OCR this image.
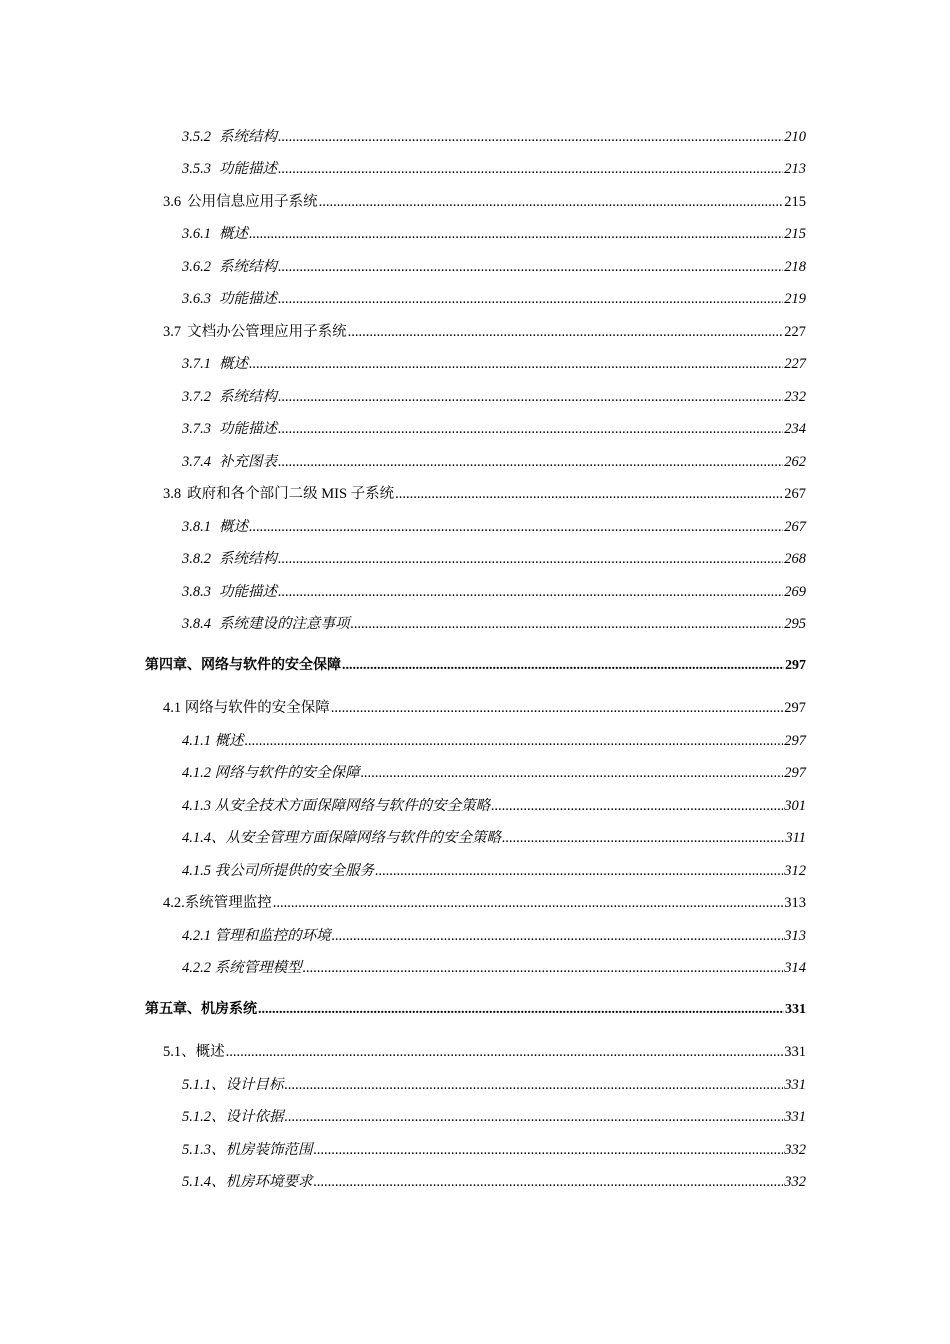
3.5.2 系统结构 .....	210
3.5.3 功能描述 .....	213
3.6 公用信息应用子系统 .....	215
3.6.1 概述 .....	215
3.6.2 系统结构 .....	218
3.6.3 功能描述 .....	219
3.7 文档办公管理应用子系统 .....	227
3.7.1 概述 .....	227
3.7.2 系统结构 .....	232
3.7.3 功能描述 .....	234
3.7.4 补充图表 .....	262
3.8 政府和各个部门二级 MIS 子系统 .....	267
3.8.1 概述 .....	267
3.8.2 系统结构 .....	268
3.8.3 功能描述 .....	269
3.8.4 系统建设的注意事项 .....	295
第四章、网络与软件的安全保障 .....	297
4.1 网络与软件的安全保障 .....	297
4.1.1 概述 .....	297
4.1.2 网络与软件的安全保障 .....	297
4.1.3 从安全技术方面保障网络与软件的安全策略 .....	301
4.1.4、从安全管理方面保障网络与软件的安全策略 .....	311
4.1.5 我公司所提供的安全服务 .....	312
4.2.系统管理监控 .....	313
4.2.1 管理和监控的环境 .....	313
4.2.2 系统管理模型 .....	314
第五章、机房系统 .....	331
5.1、概述 .....	331
5.1.1、设计目标 .....	331
5.1.2、设计依据 .....	331
5.1.3、机房装饰范围 .....	332
5.1.4、机房环境要求 .....	332
